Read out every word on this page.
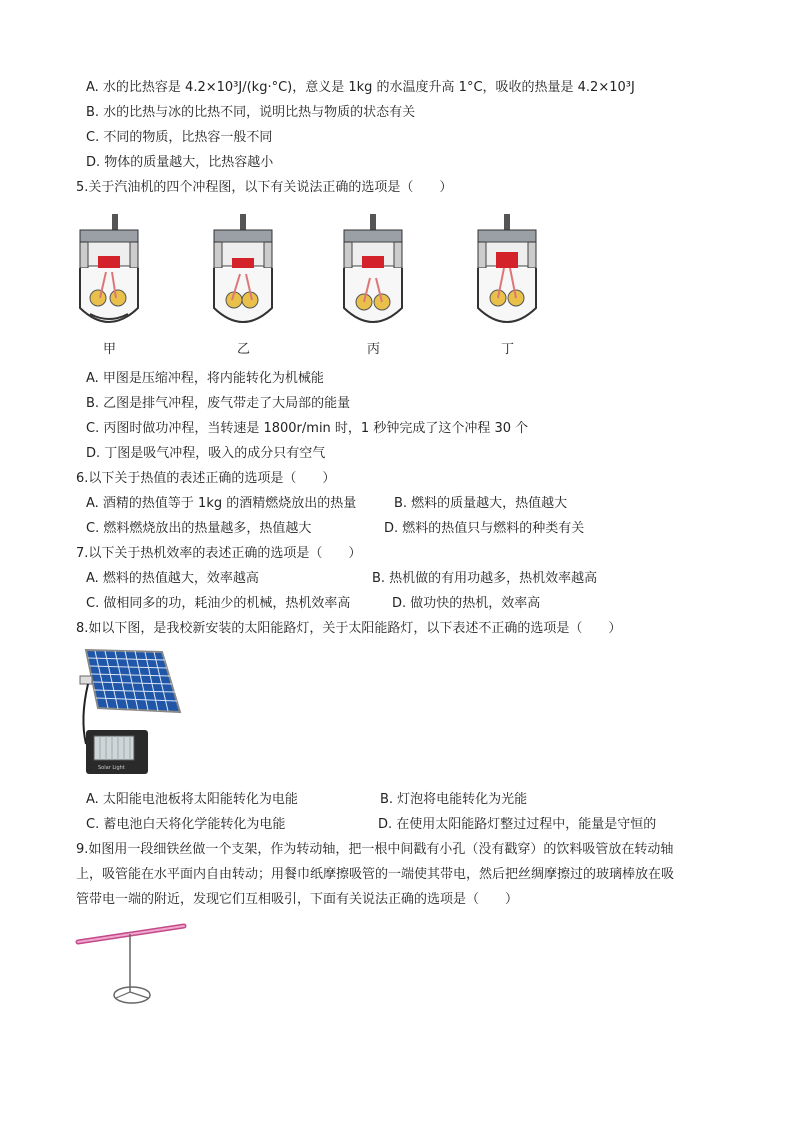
A. 水的比热容是 4.2×10³J/(kg·°C)，意义是 1kg 的水温度升高 1°C，吸收的热量是 4.2×10³J
B. 水的比热与冰的比热不同，说明比热与物质的状态有关
C. 不同的物质，比热容一般不同
D. 物体的质量越大，比热容越小
5.关于汽油机的四个冲程图，以下有关说法正确的选项是（　　）
甲	乙	丙	丁
A. 甲图是压缩冲程，将内能转化为机械能
B. 乙图是排气冲程，废气带走了大局部的能量
C. 丙图时做功冲程，当转速是 1800r/min 时，1 秒钟完成了这个冲程 30 个
D. 丁图是吸气冲程，吸入的成分只有空气
6.以下关于热值的表述正确的选项是（　　）
A. 酒精的热值等于 1kg 的酒精燃烧放出的热量	B. 燃料的质量越大，热值越大
C. 燃料燃烧放出的热量越多，热值越大	D. 燃料的热值只与燃料的种类有关
7.以下关于热机效率的表述正确的选项是（　　）
A. 燃料的热值越大，效率越高	B. 热机做的有用功越多，热机效率越高
C. 做相同多的功，耗油少的机械，热机效率高	D. 做功快的热机，效率高
8.如以下图，是我校新安装的太阳能路灯，关于太阳能路灯，以下表述不正确的选项是（　　）
Solar Light
A. 太阳能电池板将太阳能转化为电能	B. 灯泡将电能转化为光能
C. 蓄电池白天将化学能转化为电能	D. 在使用太阳能路灯整过过程中，能量是守恒的
9.如图用一段细铁丝做一个支架，作为转动轴，把一根中间戳有小孔（没有戳穿）的饮料吸管放在转动轴
上，吸管能在水平面内自由转动；用餐巾纸摩擦吸管的一端使其带电，然后把丝绸摩擦过的玻璃棒放在吸
管带电一端的附近，发现它们互相吸引，下面有关说法正确的选项是（　　）
